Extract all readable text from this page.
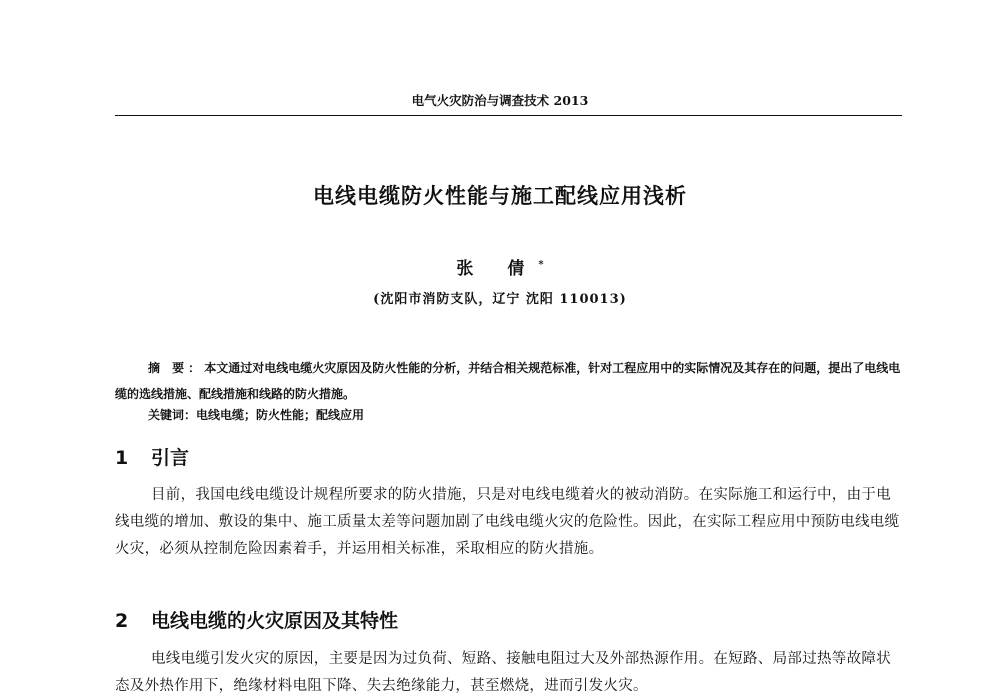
电气火灾防治与调查技术 2013
电线电缆防火性能与施工配线应用浅析
张 倩*
(沈阳市消防支队，辽宁 沈阳 110013)
摘 要：本文通过对电线电缆火灾原因及防火性能的分析，并结合相关规范标准，针对工程应用中的实际情况及其存在的问题，提出了电线电缆的选线措施、配线措施和线路的防火措施。
关键词：电线电缆；防火性能；配线应用
1 引言
目前，我国电线电缆设计规程所要求的防火措施，只是对电线电缆着火的被动消防。在实际施工和运行中，由于电线电缆的增加、敷设的集中、施工质量太差等问题加剧了电线电缆火灾的危险性。因此，在实际工程应用中预防电线电缆火灾，必须从控制危险因素着手，并运用相关标准，采取相应的防火措施。
2 电线电缆的火灾原因及其特性
电线电缆引发火灾的原因，主要是因为过负荷、短路、接触电阻过大及外部热源作用。在短路、局部过热等故障状态及外热作用下，绝缘材料电阻下降、失去绝缘能力，甚至燃烧，进而引发火灾。
